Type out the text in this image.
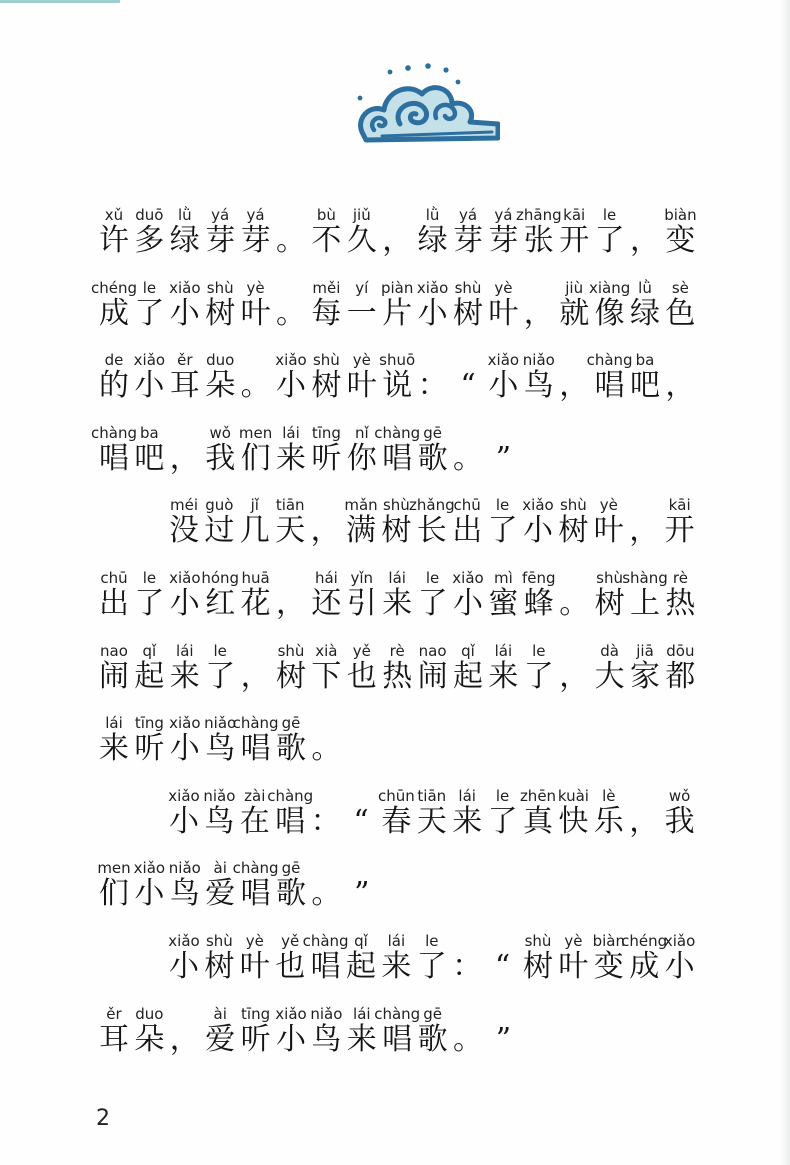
xǔ
许
duō
多
lǜ
绿
yá
芽
yá
芽 。
bù
不
jiǔ
久 ，
lǜ
绿
yá
芽
yá
芽
zhāng
张
kāi
开
le
了 ，
biàn
变
chéng
成
le
了
xiǎo
小
shù
树
yè
叶 。
měi
每
yí
一
piàn
片
xiǎo
小
shù
树
yè
叶 ，
jiù
就
xiàng
像
lǜ
绿
sè
色
de
的
xiǎo
小
ěr
耳
duo
朵 。
xiǎo
小
shù
树
yè
叶
shuō
说 ： “
xiǎo
小
niǎo
鸟 ，
chàng
唱
ba
吧 ，
chàng
唱
ba
吧 ，
wǒ
我
men
们
lái
来
tīng
听
nǐ
你
chàng
唱
gē
歌 。 ”
méi
没
guò
过
jǐ
几
tiān
天 ，
mǎn
满
shù
树
zhǎng
长
chū
出
le
了
xiǎo
小
shù
树
yè
叶 ，
kāi
开
chū
出
le
了
xiǎo
小
hóng
红
huā
花 ，
hái
还
yǐn
引
lái
来
le
了
xiǎo
小
mì
蜜
fēng
蜂 。
shù
树
shàng
上
rè
热
nao
闹
qǐ
起
lái
来
le
了 ，
shù
树
xià
下
yě
也
rè
热
nao
闹
qǐ
起
lái
来
le
了 ，
dà
大
jiā
家
dōu
都
lái
来
tīng
听
xiǎo
小
niǎo
鸟
chàng
唱
gē
歌 。
xiǎo
小
niǎo
鸟
zài
在
chàng
唱 ： “
chūn
春
tiān
天
lái
来
le
了
zhēn
真
kuài
快
lè
乐 ，
wǒ
我
men
们
xiǎo
小
niǎo
鸟
ài
爱
chàng
唱
gē
歌 。 ”
xiǎo
小
shù
树
yè
叶
yě
也
chàng
唱
qǐ
起
lái
来
le
了 ： “
shù
树
yè
叶
biàn
变
chéng
成
xiǎo
小
ěr
耳
duo
朵 ，
ài
爱
tīng
听
xiǎo
小
niǎo
鸟
lái
来
chàng
唱
gē
歌 。 ”
2
